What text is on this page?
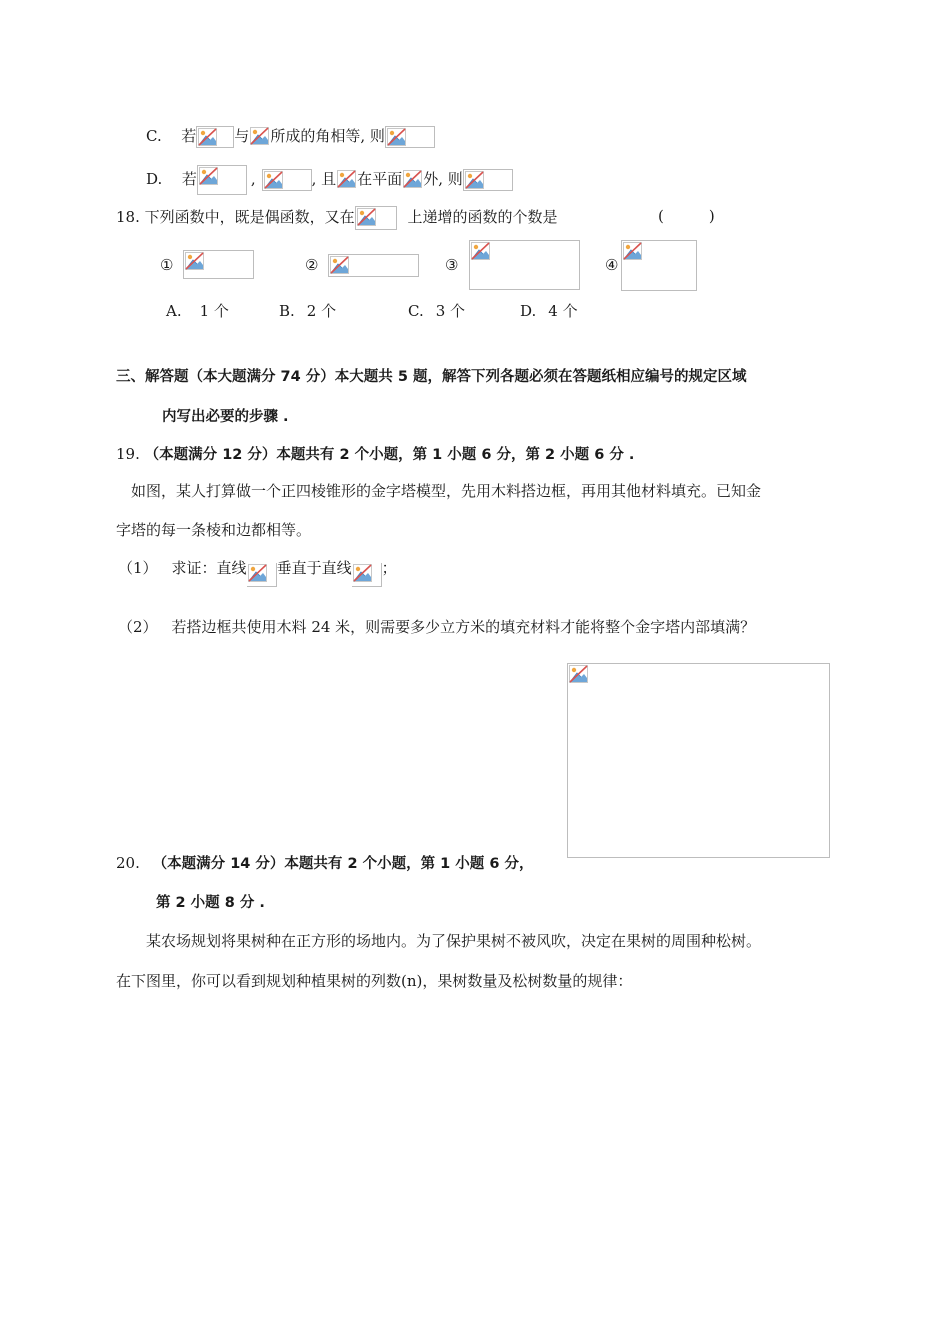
C. 若	与 所成的角相等, 则
D. 若	,	, 且 在平面 外, 则
18. 下列函数中，既是偶函数，又在	上递增的函数的个数是	(　　　)
①	②	③	④
A. 1 个	B. 2 个	C. 3 个	D. 4 个
三、解答题（本大题满分 74 分）本大题共 5 题，解答下列各题必须在答题纸相应编号的规定区域
内写出必要的步骤 .
19. （本题满分 12 分）本题共有 2 个小题，第 1 小题 6 分，第 2 小题 6 分 .
如图，某人打算做一个正四棱锥形的金字塔模型，先用木料搭边框，再用其他材料填充。已知金
字塔的每一条棱和边都相等。
（1） 求证：直线 垂直于直线 ；
（2） 若搭边框共使用木料 24 米，则需要多少立方米的填充材料才能将整个金字塔内部填满？
20. （本题满分 14 分）本题共有 2 个小题，第 1 小题 6 分，
第 2 小题 8 分 .
某农场规划将果树种在正方形的场地内。为了保护果树不被风吹，决定在果树的周围种松树。
在下图里，你可以看到规划种植果树的列数(n)，果树数量及松树数量的规律：
